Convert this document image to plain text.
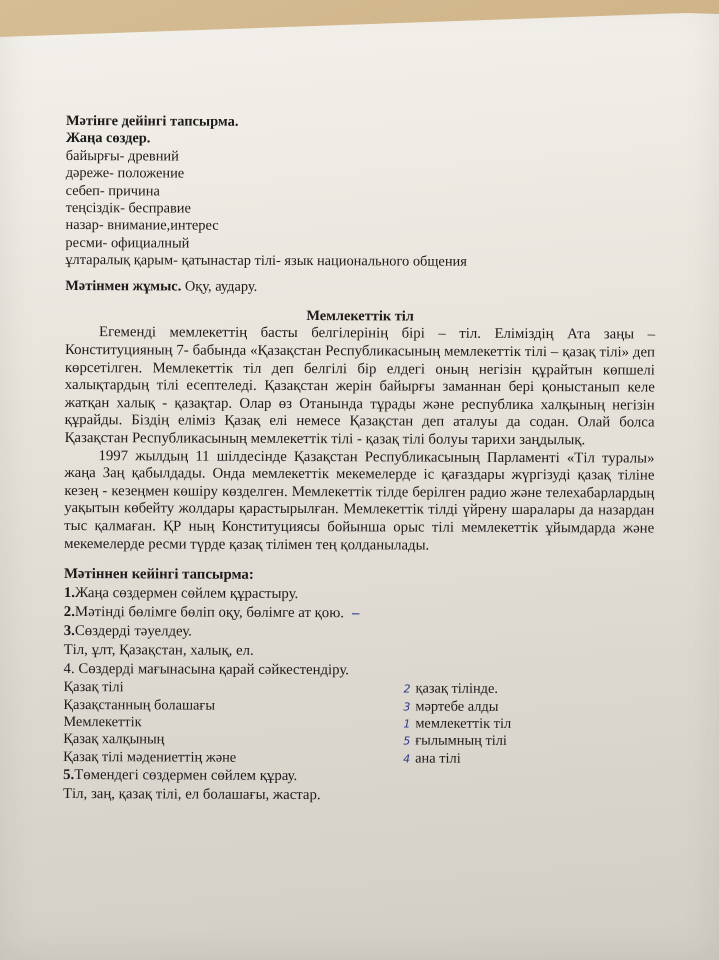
Мәтінге дейінгі тапсырма.

Жаңа сөздер.

байырғы- древний

дәреже- положение

себеп- причина

теңсіздік- бесправие

назар- внимание,интерес

ресми- официалный

ұлтаралық қарым- қатынастар тілі- язык национального общения

Мәтінмен жұмыс. Оқу, аудару.

Мемлекеттік тіл

Егеменді мемлекеттің басты белгілерінің бірі – тіл. Еліміздің Ата заңы – Конституцияның 7- бабында «Қазақстан Республикасының мемлекеттік тілі – қазақ тілі» деп көрсетілген. Мемлекеттік тіл деп белгілі бір елдегі оның негізін құрайтын көпшелі халықтардың тілі есептеледі. Қазақстан жерін байырғы заманнан бері қоныстанып келе жатқан халық - қазақтар. Олар өз Отанында тұрады және республика халқының негізін құрайды. Біздің еліміз Қазақ елі немесе Қазақстан деп аталуы да содан. Олай болса Қазақстан Республикасының мемлекеттік тілі - қазақ тілі болуы тарихи заңдылық.

1997 жылдың 11 шілдесінде Қазақстан Республикасының Парламенті «Тіл туралы» жаңа Заң қабылдады. Онда мемлекеттік мекемелерде іс қағаздары жүргізуді қазақ тіліне кезең - кезеңмен көшіру көзделген. Мемлекеттік тілде берілген радио және телехабарлардың уақытын көбейту жолдары қарастырылған. Мемлекеттік тілді үйрену шаралары да назардан тыс қалмаған. ҚР ның Конституциясы бойынша орыс тілі мемлекеттік ұйымдарда және мекемелерде ресми түрде қазақ тілімен тең қолданылады.

Мәтіннен кейінгі тапсырма:

1.Жаңа сөздермен сөйлем құрастыру.

2.Мәтінді бөлімге бөліп оқу, бөлімге ат қою. –

3.Сөздерді тәуелдеу.

Тіл, ұлт, Қазақстан, халық, ел.

4. Сөздерді мағынасына қарай сәйкестендіру.

Қазақ тілі	2 қазақ тілінде.
Қазақстанның болашағы	3 мәртебе алды
Мемлекеттік	1 мемлекеттік тіл
Қазақ халқының	5 ғылымның тілі
Қазақ тілі мәдениеттің және	4 ана тілі

5.Төмендегі сөздермен сөйлем құрау.

Тіл, заң, қазақ тілі, ел болашағы, жастар.
